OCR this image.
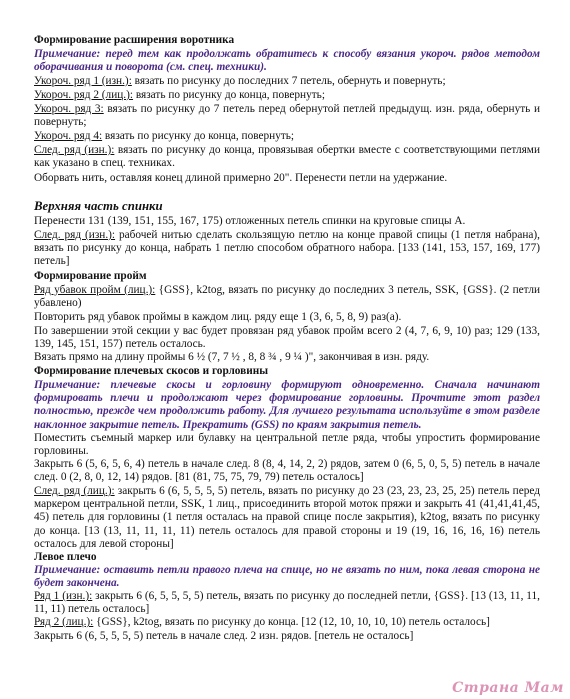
Формирование расширения воротника

Примечание: перед тем как продолжать обратитесь к способу вязания укороч. рядов методом оборачивания и поворота (см. спец. техники).

Укороч. ряд 1 (изн.): вязать по рисунку до последних 7 петель, обернуть и повернуть;

Укороч. ряд 2 (лиц.): вязать по рисунку до конца, повернуть;

Укороч. ряд 3: вязать по рисунку до 7 петель перед обернутой петлей предыдущ. изн. ряда, обернуть и повернуть;

Укороч. ряд 4: вязать по рисунку до конца, повернуть;

След. ряд (изн.): вязать по рисунку до конца, провязывая обертки вместе с соответствующими петлями как указано в спец. техниках.

Оборвать нить, оставляя конец длиной примерно 20". Перенести петли на удержание.

Верхняя часть спинки

Перенести 131 (139, 151, 155, 167, 175) отложенных петель спинки на круговые спицы А.

След. ряд (изн.): рабочей нитью сделать скользящую петлю на конце правой спицы (1 петля набрана), вязать по рисунку до конца, набрать 1 петлю способом обратного набора. [133 (141, 153, 157, 169, 177) петель]

Формирование пройм

Ряд убавок пройм (лиц.): {GSS}, k2tog, вязать по рисунку до последних 3 петель, SSK, {GSS}. (2 петли убавлено)

Повторить ряд убавок проймы в каждом лиц. ряду еще 1 (3, 6, 5, 8, 9) раз(а).

По завершении этой секции у вас будет провязан ряд убавок пройм всего 2 (4, 7, 6, 9, 10) раз; 129 (133, 139, 145, 151, 157) петель осталось.

Вязать прямо на длину проймы 6 ½ (7, 7 ½ , 8, 8 ¾ , 9 ¼ )", закончивая в изн. ряду.

Формирование плечевых скосов и горловины

Примечание: плечевые скосы и горловину формируют одновременно. Сначала начинают формировать плечи и продолжают через формирование горловины. Прочтите этот раздел полностью, прежде чем продолжить работу. Для лучшего результата используйте в этом разделе наклонное закрытие петель. Прекратить (GSS) по краям закрытия петель.

Поместить съемный маркер или булавку на центральной петле ряда, чтобы упростить формирование горловины.

Закрыть 6 (5, 6, 5, 6, 4) петель в начале след. 8 (8, 4, 14, 2, 2) рядов, затем 0 (6, 5, 0, 5, 5) петель в начале след. 0 (2, 8, 0, 12, 14) рядов. [81 (81, 75, 75, 79, 79) петель осталось]

След. ряд (лиц.): закрыть 6 (6, 5, 5, 5, 5) петель, вязать по рисунку до 23 (23, 23, 23, 25, 25) петель перед маркером центральной петли, SSK, 1 лиц., присоединить второй моток пряжи и закрыть 41 (41,41,41,45, 45) петель для горловины (1 петля осталась на правой спице после закрытия), k2tog, вязать по рисунку до конца. [13 (13, 11, 11, 11, 11) петель осталось для правой стороны и 19 (19, 16, 16, 16, 16) петель осталось для левой стороны]

Левое плечо

Примечание: оставить петли правого плеча на спице, но не вязать по ним, пока левая сторона не будет закончена.

Ряд 1 (изн.): закрыть 6 (6, 5, 5, 5, 5) петель, вязать по рисунку до последней петли, {GSS}. [13 (13, 11, 11, 11, 11) петель осталось]

Ряд 2 (лиц.): {GSS}, k2tog, вязать по рисунку до конца. [12 (12, 10, 10, 10, 10) петель осталось]

Закрыть 6 (6, 5, 5, 5, 5) петель в начале след. 2 изн. рядов. [петель не осталось]

Страна Мам
